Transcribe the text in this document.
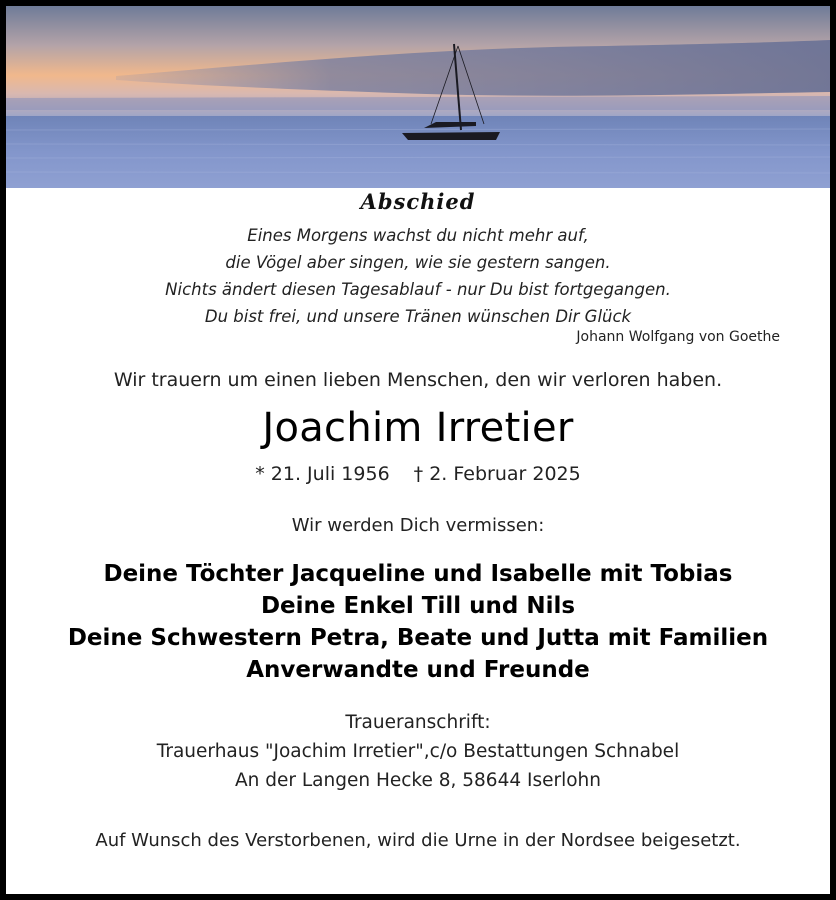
Abschied
Eines Morgens wachst du nicht mehr auf,
die Vögel aber singen, wie sie gestern sangen.
Nichts ändert diesen Tagesablauf - nur Du bist fortgegangen.
Du bist frei, und unsere Tränen wünschen Dir Glück
Johann Wolfgang von Goethe
Wir trauern um einen lieben Menschen, den wir verloren haben.
Joachim Irretier
* 21. Juli 1956 † 2. Februar 2025
Wir werden Dich vermissen:
Deine Töchter Jacqueline und Isabelle mit Tobias
Deine Enkel Till und Nils
Deine Schwestern Petra, Beate und Jutta mit Familien
Anverwandte und Freunde
Traueranschrift:
Trauerhaus "Joachim Irretier",c/o Bestattungen Schnabel
An der Langen Hecke 8, 58644 Iserlohn
Auf Wunsch des Verstorbenen, wird die Urne in der Nordsee beigesetzt.
